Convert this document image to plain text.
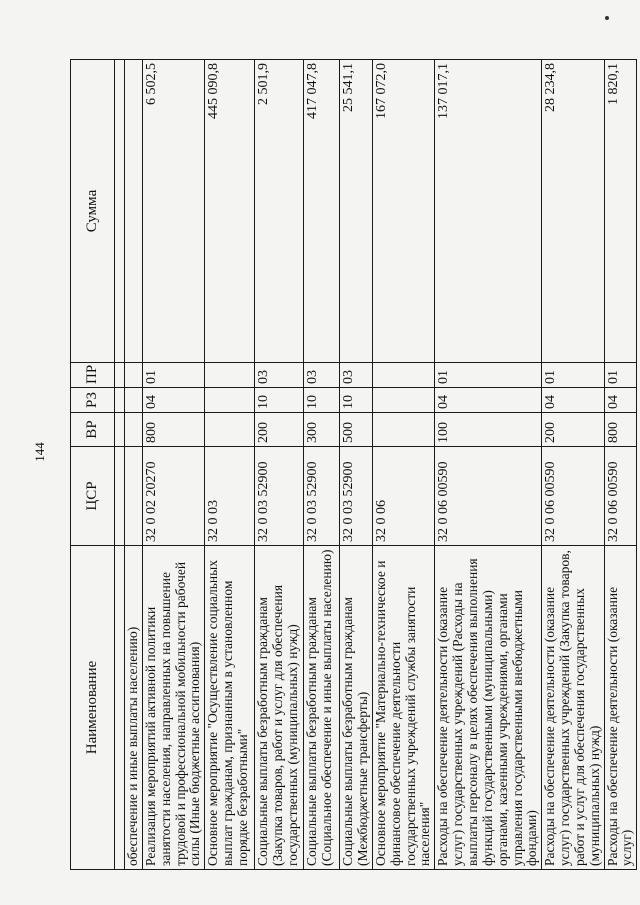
144
Наименование	ЦСР	ВР	РЗ	ПР	Сумма

обеспечение и иные выплаты населению)					
Реализация мероприятий активной политики занятости населения, направленных на повышение трудовой и профессиональной мобильности рабочей силы (Иные бюджетные ассигнования)	32 0 02 20270	800	04	01	6 502,5
Основное мероприятие "Осуществление социальных выплат гражданам, признанным в установленном порядке безработными"	32 0 03				445 090,8
Социальные выплаты безработным гражданам (Закупка товаров, работ и услуг для обеспечения государственных (муниципальных) нужд)	32 0 03 52900	200	10	03	2 501,9
Социальные выплаты безработным гражданам (Социальное обеспечение и иные выплаты населению)	32 0 03 52900	300	10	03	417 047,8
Социальные выплаты безработным гражданам (Межбюджетные трансферты)	32 0 03 52900	500	10	03	25 541,1
Основное мероприятие "Материально-техническое и финансовое обеспечение деятельности государственных учреждений службы занятости населения"	32 0 06				167 072,0
Расходы на обеспечение деятельности (оказание услуг) государственных учреждений (Расходы на выплаты персоналу в целях обеспечения выполнения функций государственными (муниципальными) органами, казенными учреждениями, органами управления государственными внебюджетными фондами)	32 0 06 00590	100	04	01	137 017,1
Расходы на обеспечение деятельности (оказание услуг) государственных учреждений (Закупка товаров, работ и услуг для обеспечения государственных (муниципальных) нужд)	32 0 06 00590	200	04	01	28 234,8
Расходы на обеспечение деятельности (оказание услуг)	32 0 06 00590	800	04	01	1 820,1
